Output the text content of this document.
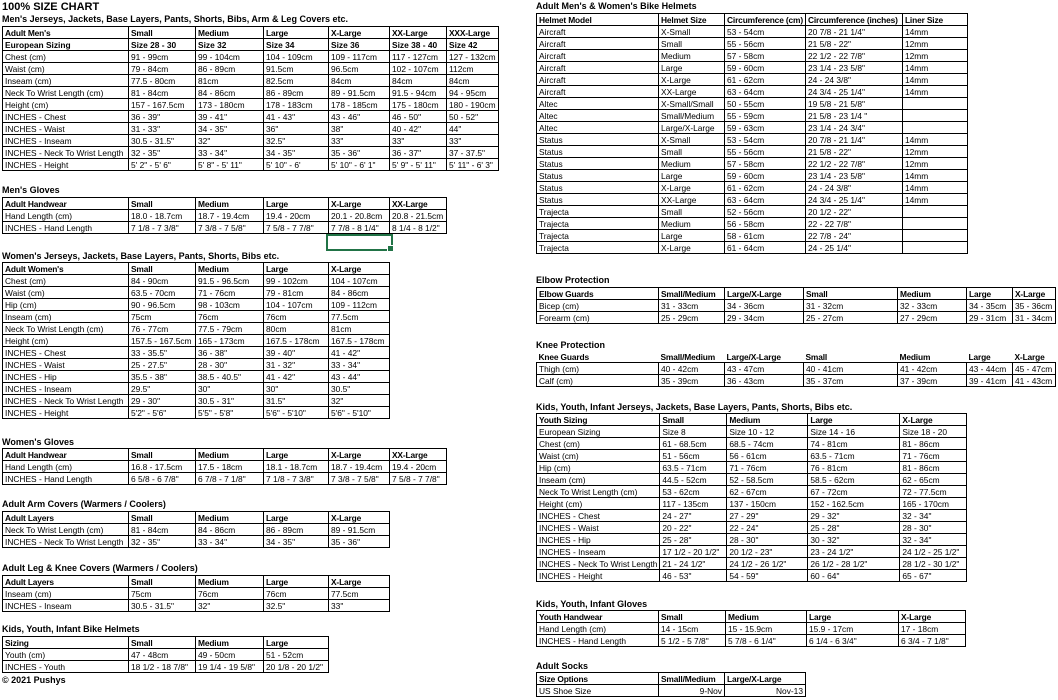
100% SIZE CHART
Men's Jerseys, Jackets, Base Layers, Pants, Shorts, Bibs, Arm & Leg Covers etc.
Adult Men's	Small	Medium	Large	X-Large	XX-Large	XXX-Large
European Sizing	Size 28 - 30	Size 32	Size 34	Size 36	Size 38 - 40	Size 42
Chest (cm)	91 - 99cm	99 - 104cm	104 - 109cm	109 - 117cm	117 - 127cm	127 - 132cm
Waist (cm)	79 - 84cm	86 - 89cm	91.5cm	96.5cm	102 - 107cm	112cm
Inseam (cm)	77.5 - 80cm	81cm	82.5cm	84cm	84cm	84cm
Neck To Wrist Length (cm)	81 - 84cm	84 - 86cm	86 - 89cm	89 - 91.5cm	91.5 - 94cm	94 - 95cm
Height (cm)	157 - 167.5cm	173 - 180cm	178 - 183cm	178 - 185cm	175 - 180cm	180 - 190cm
INCHES - Chest	36 - 39"	39 - 41"	41 - 43"	43 - 46"	46 - 50"	50 - 52"
INCHES - Waist	31 - 33"	34 - 35"	36"	38"	40 - 42"	44"
INCHES - Inseam	30.5 - 31.5"	32"	32.5"	33"	33"	33"
INCHES - Neck To Wrist Length	32 - 35"	33 - 34"	34 - 35"	35 - 36"	36 - 37"	37 - 37.5"
INCHES - Height	5' 2" - 5' 6"	5' 8" - 5' 11"	5' 10" - 6'	5' 10" - 6' 1"	5' 9" - 5' 11"	5' 11" - 6' 3"
Men's Gloves
Adult Handwear	Small	Medium	Large	X-Large	XX-Large
Hand Length (cm)	18.0 - 18.7cm	18.7 - 19.4cm	19.4 - 20cm	20.1 - 20.8cm	20.8 - 21.5cm
INCHES - Hand Length	7 1/8 - 7 3/8"	7 3/8 - 7 5/8"	7 5/8 - 7 7/8"	7 7/8 - 8 1/4"	8 1/4 - 8 1/2"
Women's Jerseys, Jackets, Base Layers, Pants, Shorts, Bibs etc.
Adult Women's	Small	Medium	Large	X-Large
Chest (cm)	84 - 90cm	91.5 - 96.5cm	99 - 102cm	104 - 107cm
Waist (cm)	63.5 - 70cm	71 - 76cm	79 - 81cm	84 - 86cm
Hip (cm)	90 - 96.5cm	98 - 103cm	104 - 107cm	109 - 112cm
Inseam (cm)	75cm	76cm	76cm	77.5cm
Neck To Wrist Length (cm)	76 - 77cm	77.5 - 79cm	80cm	81cm
Height (cm)	157.5 - 167.5cm	165 - 173cm	167.5 - 178cm	167.5 - 178cm
INCHES - Chest	33 - 35.5"	36 - 38"	39 - 40"	41 - 42"
INCHES - Waist	25 - 27.5"	28 - 30"	31 - 32"	33 - 34"
INCHES - Hip	35.5 - 38"	38.5 - 40.5"	41 - 42"	43 - 44"
INCHES - Inseam	29.5"	30"	30"	30.5"
INCHES - Neck To Wrist Length	29 - 30"	30.5 - 31"	31.5"	32"
INCHES - Height	5'2" - 5'6"	5'5" - 5'8"	5'6" - 5'10"	5'6" - 5'10"
Women's Gloves
Adult Handwear	Small	Medium	Large	X-Large	XX-Large
Hand Length (cm)	16.8 - 17.5cm	17.5 - 18cm	18.1 - 18.7cm	18.7 - 19.4cm	19.4 - 20cm
INCHES - Hand Length	6 5/8 - 6 7/8"	6 7/8 - 7 1/8"	7 1/8 - 7 3/8"	7 3/8 - 7 5/8"	7 5/8 - 7 7/8"
Adult Arm Covers (Warmers / Coolers)
Adult Layers	Small	Medium	Large	X-Large
Neck To Wrist Length (cm)	81 - 84cm	84 - 86cm	86 - 89cm	89 - 91.5cm
INCHES - Neck To Wrist Length	32 - 35"	33 - 34"	34 - 35"	35 - 36"
Adult Leg & Knee Covers (Warmers / Coolers)
Adult Layers	Small	Medium	Large	X-Large
Inseam (cm)	75cm	76cm	76cm	77.5cm
INCHES - Inseam	30.5 - 31.5"	32"	32.5"	33"
Kids, Youth, Infant Bike Helmets
Sizing	Small	Medium	Large
Youth (cm)	47 - 48cm	49 - 50cm	51 - 52cm
INCHES - Youth	18 1/2 - 18 7/8"	19 1/4 - 19 5/8"	20 1/8 - 20 1/2"
© 2021 Pushys
Adult Men's & Women's Bike Helmets
Helmet Model	Helmet Size	Circumference (cm)	Circumference (inches)	Liner Size
Aircraft	X-Small	53 - 54cm	20 7/8 - 21 1/4"	14mm
Aircraft	Small	55 - 56cm	21 5/8 - 22"	12mm
Aircraft	Medium	57 - 58cm	22 1/2 - 22 7/8"	12mm
Aircraft	Large	59 - 60cm	23 1/4 - 23 5/8"	14mm
Aircraft	X-Large	61 - 62cm	24 - 24 3/8"	14mm
Aircraft	XX-Large	63 - 64cm	24 3/4 - 25 1/4"	14mm
Altec	X-Small/Small	50 - 55cm	19 5/8 - 21 5/8"	
Altec	Small/Medium	55 - 59cm	21 5/8 - 23 1/4 "	
Altec	Large/X-Large	59 - 63cm	23 1/4 - 24 3/4"	
Status	X-Small	53 - 54cm	20 7/8 - 21 1/4"	14mm
Status	Small	55 - 56cm	21 5/8 - 22"	12mm
Status	Medium	57 - 58cm	22 1/2 - 22 7/8"	12mm
Status	Large	59 - 60cm	23 1/4 - 23 5/8"	14mm
Status	X-Large	61 - 62cm	24 - 24 3/8"	14mm
Status	XX-Large	63 - 64cm	24 3/4 - 25 1/4"	14mm
Trajecta	Small	52 - 56cm	20 1/2 - 22"	
Trajecta	Medium	56 - 58cm	22 - 22 7/8"	
Trajecta	Large	58 - 61cm	22 7/8 - 24"	
Trajecta	X-Large	61 - 64cm	24 - 25 1/4"	
Elbow Protection
Elbow Guards	Small/Medium	Large/X-Large	Small	Medium	Large	X-Large
Bicep (cm)	31 - 33cm	34 - 36cm	31 - 32cm	32 - 33cm	34 - 35cm	35 - 36cm
Forearm (cm)	25 - 29cm	29 - 34cm	25 - 27cm	27 - 29cm	29 - 31cm	31 - 34cm
Knee Protection
Knee Guards	Small/Medium	Large/X-Large	Small	Medium	Large	X-Large
Thigh (cm)	40 - 42cm	43 - 47cm	40 - 41cm	41 - 42cm	43 - 44cm	45 - 47cm
Calf (cm)	35 - 39cm	36 - 43cm	35 - 37cm	37 - 39cm	39 - 41cm	41 - 43cm
Kids, Youth, Infant Jerseys, Jackets, Base Layers, Pants, Shorts, Bibs etc.
Youth Sizing	Small	Medium	Large	X-Large
European Sizing	Size 8	Size 10 - 12	Size 14 - 16	Size 18 - 20
Chest (cm)	61 - 68.5cm	68.5 - 74cm	74 - 81cm	81 - 86cm
Waist (cm)	51 - 56cm	56 - 61cm	63.5 - 71cm	71 - 76cm
Hip (cm)	63.5 - 71cm	71 - 76cm	76 - 81cm	81 - 86cm
Inseam (cm)	44.5 - 52cm	52 - 58.5cm	58.5 - 62cm	62 - 65cm
Neck To Wrist Length (cm)	53 - 62cm	62 - 67cm	67 - 72cm	72 - 77.5cm
Height (cm)	117 - 135cm	137 - 150cm	152 - 162.5cm	165 - 170cm
INCHES - Chest	24 - 27"	27 - 29"	29 - 32"	32 - 34"
INCHES - Waist	20 - 22"	22 - 24"	25 - 28"	28 - 30"
INCHES - Hip	25 - 28"	28 - 30"	30 - 32"	32 - 34"
INCHES - Inseam	17 1/2 - 20 1/2"	20 1/2 - 23"	23 - 24 1/2"	24 1/2 - 25 1/2"
INCHES - Neck To Wrist Length	21 - 24 1/2"	24 1/2 - 26 1/2"	26 1/2 - 28 1/2"	28 1/2 - 30 1/2"
INCHES - Height	46 - 53"	54 - 59"	60 - 64"	65 - 67"
Kids, Youth, Infant Gloves
Youth Handwear	Small	Medium	Large	X-Large
Hand Length (cm)	14 - 15cm	15 - 15.9cm	15.9 - 17cm	17 - 18cm
INCHES - Hand Length	5 1/2 - 5 7/8"	5 7/8 - 6 1/4"	6 1/4 - 6 3/4"	6 3/4 - 7 1/8"
Adult Socks
Size Options	Small/Medium	Large/X-Large
US Shoe Size	9-Nov	Nov-13
